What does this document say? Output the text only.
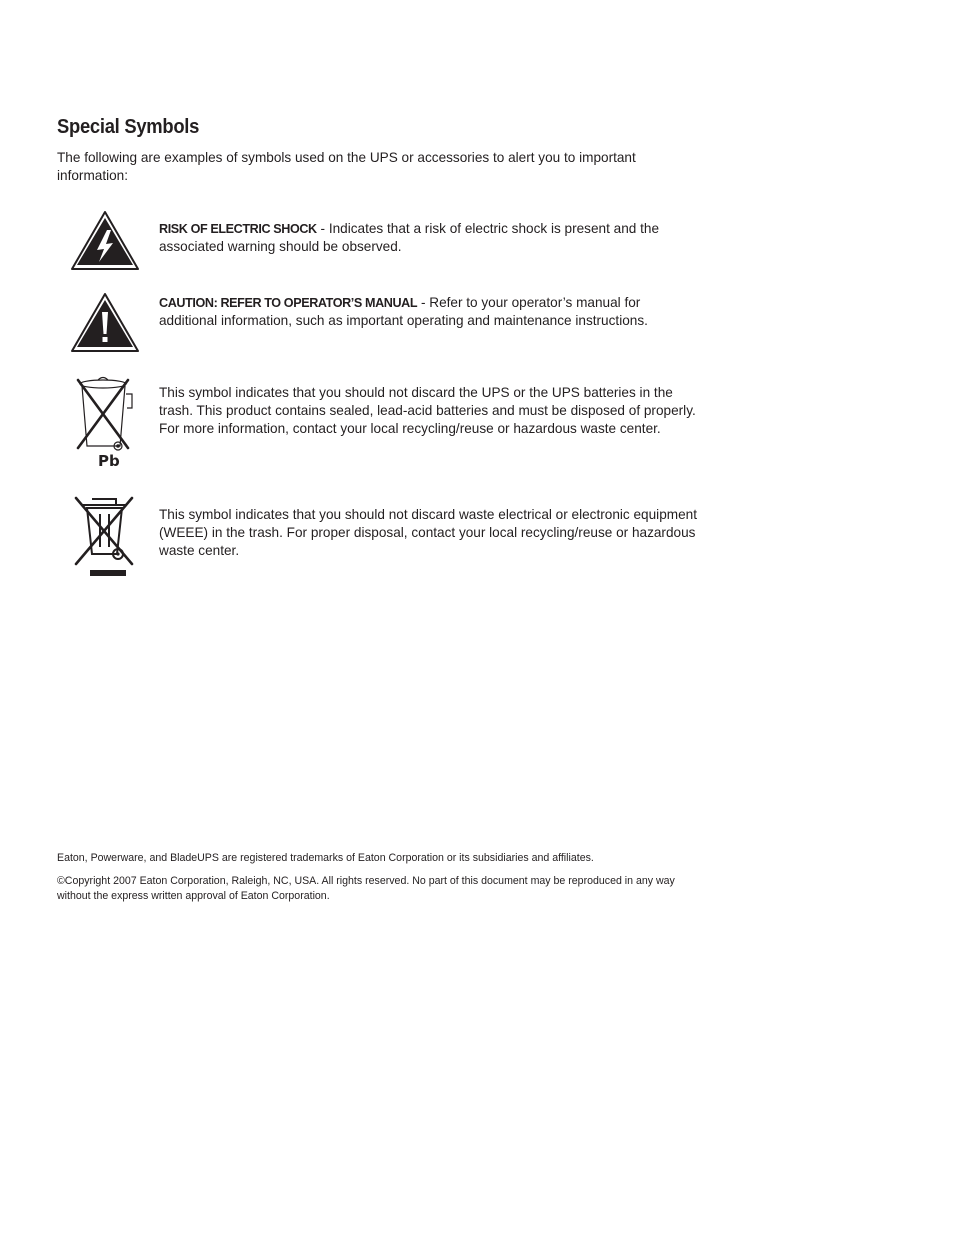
Special Symbols
The following are examples of symbols used on the UPS or accessories to alert you to important information:
RISK OF ELECTRIC SHOCK - Indicates that a risk of electric shock is present and the associated warning should be observed.
CAUTION: REFER TO OPERATOR’S MANUAL - Refer to your operator’s manual for additional information, such as important operating and maintenance instructions.
Pb
This symbol indicates that you should not discard the UPS or the UPS batteries in the trash. This product contains sealed, lead-acid batteries and must be disposed of properly. For more information, contact your local recycling/reuse or hazardous waste center.
This symbol indicates that you should not discard waste electrical or electronic equipment (WEEE) in the trash. For proper disposal, contact your local recycling/reuse or hazardous waste center.
Eaton, Powerware, and BladeUPS are registered trademarks of Eaton Corporation or its subsidiaries and affiliates.
©Copyright 2007 Eaton Corporation, Raleigh, NC, USA. All rights reserved. No part of this document may be reproduced in any way without the express written approval of Eaton Corporation.
